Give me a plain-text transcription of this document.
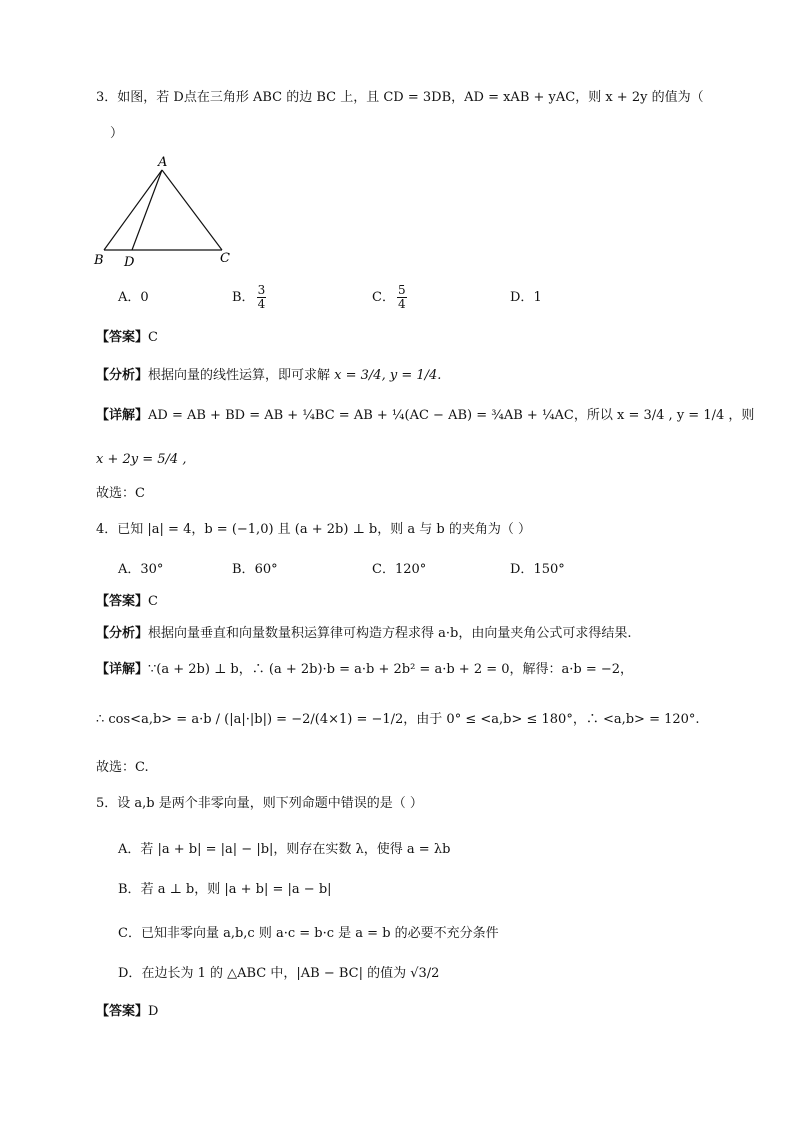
3．如图，若 D点在三角形 ABC 的边 BC 上，且 CD = 3DB，AD = xAB + yAC，则 x + 2y 的值为（
）
A
B D	C
A．0	B． $\frac{3}{4}$	C． $\frac{5}{4}$	D．1
【答案】C
【分析】根据向量的线性运算，即可求解 x = 3/4, y = 1/4.
【详解】AD = AB + BD = AB + ¼BC = AB + ¼(AC − AB) = ¾AB + ¼AC，所以 x = 3/4 , y = 1/4 ，则
x + 2y = 5/4 ,
故选：C
4．已知 |a| = 4，b = (−1,0) 且 (a + 2b) ⊥ b，则 a 与 b 的夹角为（ ）
A．30°	B．60°	C．120°	D．150°
【答案】C
【分析】根据向量垂直和向量数量积运算律可构造方程求得 a·b，由向量夹角公式可求得结果.
【详解】∵(a + 2b) ⊥ b，∴ (a + 2b)·b = a·b + 2b² = a·b + 2 = 0，解得：a·b = −2，
∴ cos<a,b> = a·b / (|a|·|b|) = −2/(4×1) = −1/2，由于 0° ≤ <a,b> ≤ 180°，∴ <a,b> = 120°.
故选：C.
5．设 a,b 是两个非零向量，则下列命题中错误的是（ ）
A．若 |a + b| = |a| − |b|，则存在实数 λ，使得 a = λb
B．若 a ⊥ b，则 |a + b| = |a − b|
C．已知非零向量 a,b,c 则 a·c = b·c 是 a = b 的必要不充分条件
D．在边长为 1 的 △ABC 中，|AB − BC| 的值为 √3/2
【答案】D
